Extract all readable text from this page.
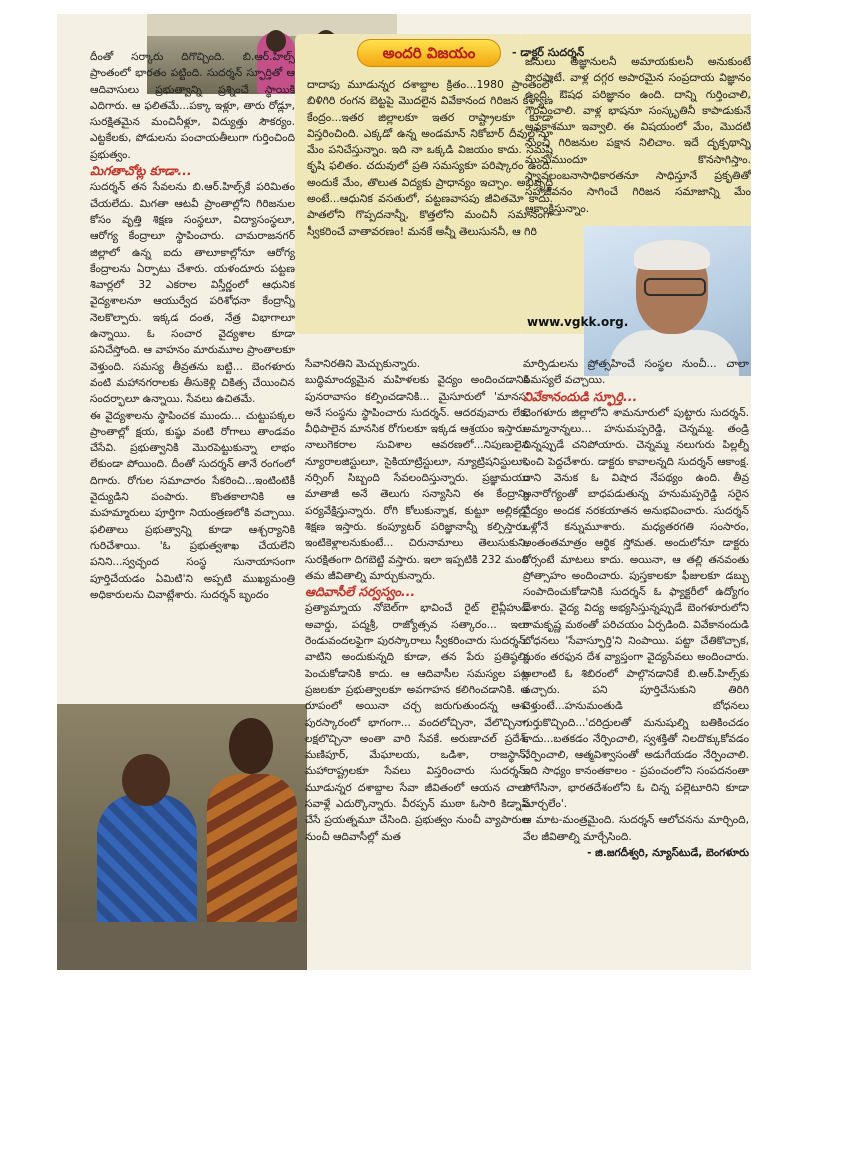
దీంతో సర్కారు దిగొచ్చింది. బి.ఆర్.హిల్స్ ప్రాంతంలో భారతం పట్టింది. సుదర్శన్ స్ఫూర్తితో ఆ ఆదివాసులు ప్రభుత్వాన్ని ప్రశ్నించే స్థాయికి ఎదిగారు. ఆ ఫలితమే...పక్కా ఇళ్లూ, తారు రోడ్లూ, సురక్షితమైన మంచినీళ్లూ, విద్యుత్తు సౌకర్యం. ఎట్టకేలకు, పోడులను పంచాయతీలుగా గుర్తించింది ప్రభుత్వం.

మిగతాచోట్ల కూడా...

సుదర్శన్ తన సేవలను బి.ఆర్.హిల్స్‌కే పరిమితం చేయలేదు. మిగతా ఆటవీ ప్రాంతాల్లోని గిరిజనుల కోసం వృత్తి శిక్షణ సంస్థలూ, విద్యాసంస్థలూ, ఆరోగ్య కేంద్రాలూ స్థాపించారు. చామరాజనగర్ జిల్లాలో ఉన్న ఐదు తాలూకాల్లోనూ ఆరోగ్య కేంద్రాలను ఏర్పాటు చేశారు. యళందూరు పట్టణ శివార్లలో 32 ఎకరాల విస్తీర్ణంలో ఆధునిక వైద్యశాలనూ ఆయుర్వేద పరిశోధనా కేంద్రాన్నీ నెలకొల్పారు. ఇక్కడ దంత, నేత్ర విభాగాలూ ఉన్నాయి. ఓ సంచార వైద్యశాల కూడా పనిచేస్తోంది. ఆ వాహనం మారుమూల ప్రాంతాలకూ వెళ్తుంది. సమస్య తీవ్రతను బట్టి... బెంగళూరు వంటి మహానగరాలకు తీసుకెళ్లి చికిత్స చేయించిన సందర్భాలూ ఉన్నాయి. సేవలు ఉచితమే.

ఈ వైద్యశాలను స్థాపించక ముందు... చుట్టుపక్కల ప్రాంతాల్లో క్షయ, కుష్ఠు వంటి రోగాలు తాండవం చేసేవి. ప్రభుత్వానికి మొరపెట్టుకున్నా లాభం లేకుండా పోయింది. దీంతో సుదర్శన్ తానే రంగంలో దిగారు. రోగుల సమాచారం సేకరించి...ఇంటింటికీ వైద్యుడిని పంపారు. కొంతకాలానికి ఆ మహమ్మారులు పూర్తిగా నియంత్రణలోకి వచ్చాయి. ఫలితాలు ప్రభుత్వాన్ని కూడా ఆశ్చర్యానికి గురిచేశాయి. 'ఓ ప్రభుత్వశాఖ చేయలేని పనిని...స్వచ్ఛంద సంస్థ సునాయాసంగా పూర్తిచేయడం ఏమిటి'ని అప్పటి ముఖ్యమంత్రి అధికారులను చివాట్లేశారు. సుదర్శన్ బృందం

అందరి విజయం	- డాక్టర్ సుదర్శన్

దాదాపు మూడున్నర దశాబ్దాల క్రితం...1980 ప్రాంతంలో బిళిగిరి రంగన బెట్టపై మొదలైన వివేకానంద గిరిజన కళ్యాణ కేంద్రం...ఇతర జిల్లాలకూ ఇతర రాష్ట్రాలకూ కూడా విస్తరించింది. ఎక్కడో ఉన్న అండమాన్ నికోబార్ దీవుల్లోనూ మేం పనిచేస్తున్నాం. ఇది నా ఒక్కడి విజయం కాదు. సమష్టి కృషి ఫలితం. చదువులో ప్రతి సమస్యకూ పరిష్కారం ఉంది. అందుకే మేం, తొలుత విద్యకు ప్రాధాన్యం ఇచ్చాం. అభివృద్ధి అంటే...ఆధునిక వసతులో, పట్టణవాసపు జీవితమో కాదు. పాతలోని గొప్పదనాన్నీ, కొత్తలోని మంచినీ సమానంగా స్వీకరించే వాతావరణం! మనకే అన్నీ తెలుసుననీ, ఆ గిరి

జనులు అజ్ఞానులనీ అమాయకులనీ అనుకుంటే పొరపాటే. వాళ్ల దగ్గర అపారమైన సంప్రదాయ విజ్ఞానం ఉంది. ఔషధ పరిజ్ఞానం ఉంది. దాన్ని గుర్తించాలి, గౌరవించాలి. వాళ్ల భాషనూ సంస్కృతినీ కాపాడుకునే అవకాశమూ ఇవ్వాలి. ఈ విషయంలో మేం, మొదటి నుంచీ గిరిజనుల పక్షాన నిలిచాం. ఇదే దృక్పథాన్ని మునుముందూ కొనసాగిస్తాం. స్వావలంబనాసాధికారతనూ సాధిస్తూనే ప్రకృతితో సహజీవనం సాగించే గిరిజన సమాజాన్ని మేం ఆకాంక్షిస్తున్నాం.

www.vgkk.org.

సేవానిరతిని మెచ్చుకున్నారు.

బుద్ధిమాంద్యమైన మహిళలకు వైద్యం అందించడానికి పునరావాసం కల్పించడానికి... మైసూరులో 'మానస' అనే సంస్థను స్థాపించారు సుదర్శన్. ఆదరవువారు లేక, వీధిపాలైన మానసిక రోగులకూ ఇక్కడ ఆశ్రయం ఇస్తారు. నాలుగెకరాల సువిశాల ఆవరణలో...నిపుణులైన న్యూరాలజిస్టులూ, సైకియాట్రిస్టులూ, న్యూట్రిషనిస్టులూ, నర్సింగ్ సిబ్బంది సేవలందిస్తున్నారు. ప్రజ్ఞామయు మాతాజీ అనే తెలుగు సన్యాసిని ఈ కేంద్రాన్ని పర్యవేక్షిస్తున్నారు. రోగి కోలుకున్నాక, కుట్టూ అల్లికల్లో శిక్షణ ఇస్తారు. కంప్యూటర్ పరిజ్ఞానాన్నీ కల్పిస్తారు. ఇంటికెళ్లాలనుకుంటే... చిరునామాలు తెలుసుకుని, సురక్షితంగా దిగబెట్టి వస్తారు. ఇలా ఇప్పటికి 232 మంది తమ జీవితాల్ని మార్చుకున్నారు.

ఆదివాసీలే సర్వస్వం...

ప్రత్యామ్నాయ నోబెల్‌గా భావించే రైట్ లైవ్లీహుడ్ అవార్డు, పద్మశ్రీ, రాజ్యోత్సవ సత్కారం... ఇలా రెండువందలఫైగా పురస్కారాలు స్వీకరించారు సుదర్శన్. వాటిని అందుకున్నది కూడా, తన పేరు ప్రతిష్ఠల్ని పెంచుకోడానికి కాదు. ఆ ఆదివాసీల సమస్యల పట్ల ప్రజలకూ ప్రభుత్వాలకూ అవగాహన కలిగించడానికి. ఆ రూపంలో అయినా చర్చ జరుగుతుందన్న ఆశ. పురస్కారంలో భాగంగా... వందలోచ్చినా, వేలొచ్చినా, లక్షలొచ్చినా అంతా వారి సేవకే. అరుణాచల్ ప్రదేశ్, మణిపూర్, మేఘాలయ, ఒడిశా, రాజస్థాన్, మహారాష్ట్రలకూ సేవలు విస్తరించారు సుదర్శన్. మూడున్నర దశాబ్దాల సేవా జీవితంలో ఆయన చాలా సవాళ్లే ఎదుర్కొన్నారు. వీరప్పన్ ముఠా ఓసారి కిడ్నాప్ చేసే ప్రయత్నమూ చేసింది. ప్రభుత్వం నుంచీ వ్యాపారుల నుంచీ ఆదివాసీల్లో మత

మార్పిడులను ప్రోత్సహించే సంస్థల నుంచీ... చాలా సమస్యలే వచ్చాయి.

వివేకానందుడి స్ఫూర్తి...

బెంగళూరు జిల్లాలోని శామనూరులో పుట్టారు సుదర్శన్. అమ్మానాన్నలు... హనుమప్పరెడ్డి, చెన్నమ్మ. తండ్రి చిన్నప్పుడే చనిపోయారు. చెన్నమ్మ నలుగురు పిల్లల్నీ పెంచి పెద్దచేశారు. డాక్టరు కావాలన్నది సుదర్శన్ ఆకాంక్ష. దాని వెనుక ఓ విషాద నేపథ్యం ఉంది. తీవ్ర అనారోగ్యంతో బాధపడుతున్న హనుమప్పరెడ్డి సరైన వైద్యం అందక నరకయాతన అనుభవించారు. సుదర్శన్ ఒళ్లోనే కన్నుమూశారు. మధ్యతరగతి సంసారం, అంతంతమాత్రం ఆర్థిక స్తోమత. అందులోనూ డాక్టరు కోర్సంటే మాటలు కాదు. అయినా, ఆ తల్లి తనవంతు ప్రోత్సాహం అందించారు. పుస్తకాలకూ ఫీజులకూ డబ్బు సంపాదించుకోడానికి సుదర్శన్ ఓ ఫ్యాక్టరీలో ఉద్యోగం చేశారు. వైద్య విద్య అభ్యసిస్తున్నప్పుడే బెంగళూరులోని రామకృష్ణ మఠంతో పరిచయం ఏర్పడింది. వివేకానందుడి బోధనలు 'సేవాస్ఫూర్తి'ని నింపాయి. పట్టా చేతికొచ్చాక, మఠం తరఫున దేశ వ్యాప్తంగా వైద్యసేవలు అందించారు. అలాంటి ఓ శిబిరంలో పాల్గొనడానికే బి.ఆర్.హిల్స్‌కు వచ్చారు. పని పూర్తిచేసుకుని తిరిగి వెళ్తుంటే...హనుమంతుడి బోధనలు గుర్తుకొచ్చింది...'దరిద్రులతో మనుషుల్ని బతికించడం కాదు...బతకడం నేర్పించాలి, స్వశక్తితో నిలదొక్కుకోవడం నేర్పించాలి, ఆత్మవిశ్వాసంతో అడుగేయడం నేర్పించాలి. ఇది సాధ్యం కానంతకాలం - ప్రపంచంలోని సంపదనంతా పోగేసినా, భారతదేశంలోని ఓ చిన్న పల్లెటూరిని కూడా మార్చలేం'.

ఆ మాట-మంత్రమైంది. సుదర్శన్ ఆలోచనను మార్చింది, వేల జీవితాల్ని మార్చేసింది.

- జి.జగదీశ్వరి, న్యూస్‌టుడే, బెంగళూరు
